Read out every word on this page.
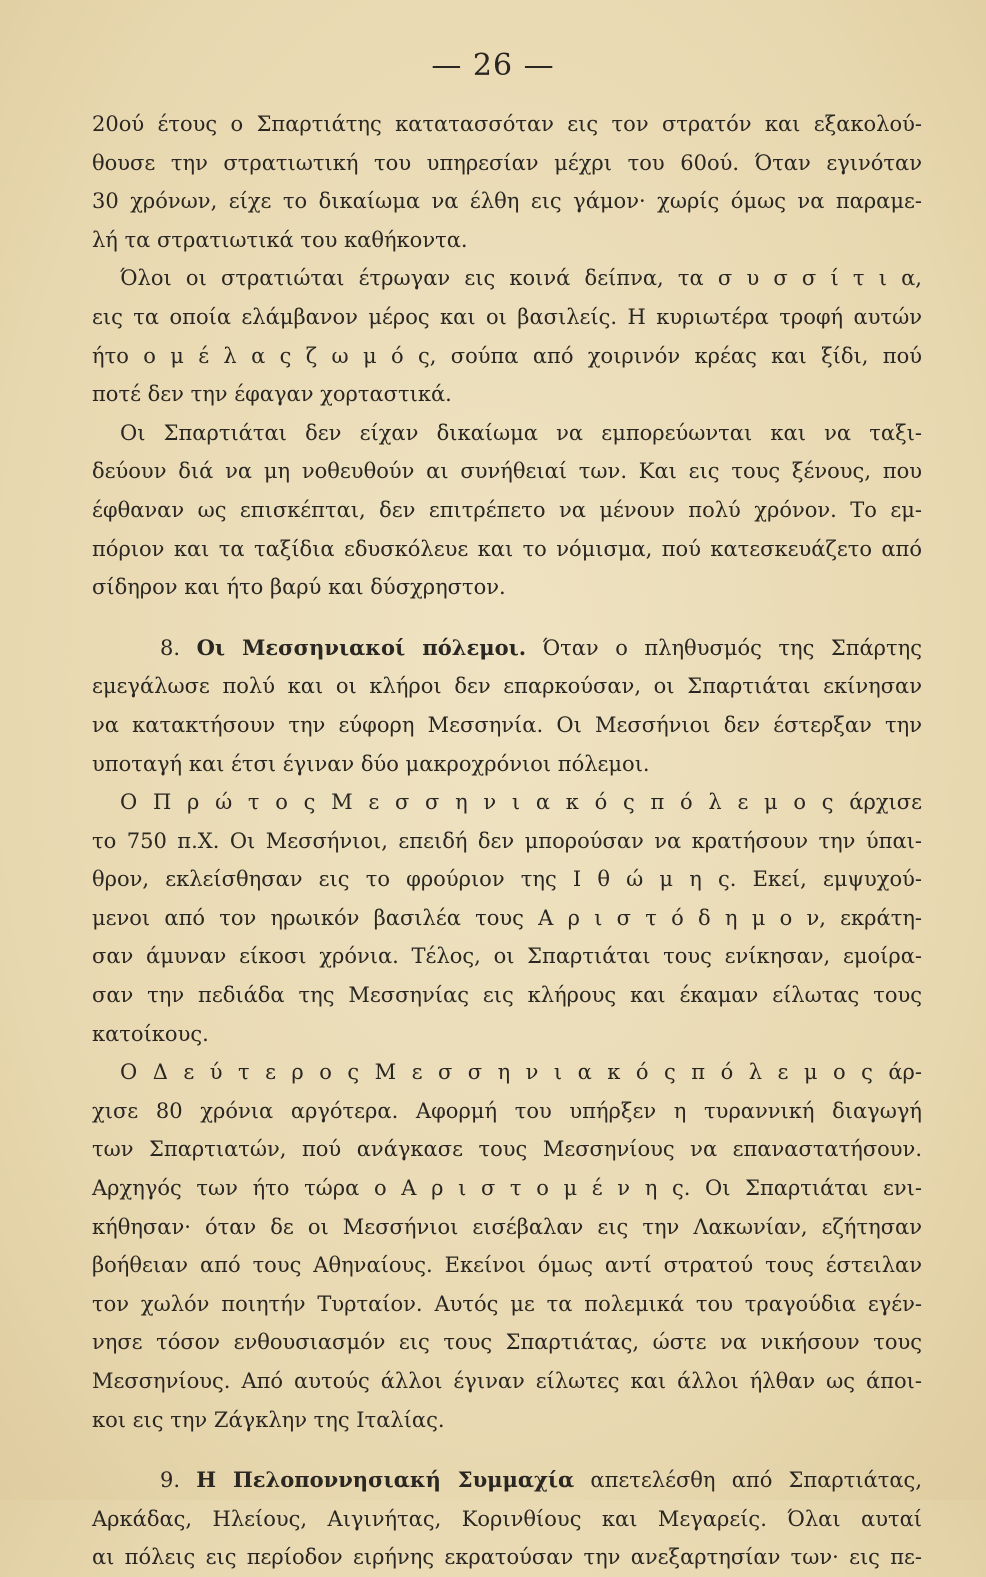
— 26 —
20ού έτους ο Σπαρτιάτης κατατασσόταν εις τον στρατόν και εξακολού-
θουσε την στρατιωτική του υπηρεσίαν μέχρι του 60ού. Όταν εγινόταν
30 χρόνων, είχε το δικαίωμα να έλθη εις γάμον· χωρίς όμως να παραμε-
λή τα στρατιωτικά του καθήκοντα.
Όλοι οι στρατιώται έτρωγαν εις κοινά δείπνα, τα σ υ σ σ ί τ ι α,
εις τα οποία ελάμβανον μέρος και οι βασιλείς. Η κυριωτέρα τροφή αυτών
ήτο ο μ έ λ α ς ζ ω μ ό ς, σούπα από χοιρινόν κρέας και ξίδι, πού
ποτέ δεν την έφαγαν χορταστικά.
Οι Σπαρτιάται δεν είχαν δικαίωμα να εμπορεύωνται και να ταξι-
δεύουν διά να μη νοθευθούν αι συνήθειαί των. Και εις τους ξένους, που
έφθαναν ως επισκέπται, δεν επιτρέπετο να μένουν πολύ χρόνον. Το εμ-
πόριον και τα ταξίδια εδυσκόλευε και το νόμισμα, πού κατεσκευάζετο από
σίδηρον και ήτο βαρύ και δύσχρηστον.
8. Οι Μεσσηνιακοί πόλεμοι. Όταν ο πληθυσμός της Σπάρτης
εμεγάλωσε πολύ και οι κλήροι δεν επαρκούσαν, οι Σπαρτιάται εκίνησαν
να κατακτήσουν την εύφορη Μεσσηνία. Οι Μεσσήνιοι δεν έστερξαν την
υποταγή και έτσι έγιναν δύο μακροχρόνιοι πόλεμοι.
Ο Π ρ ώ τ ο ς Μ ε σ σ η ν ι α κ ό ς π ό λ ε μ ο ς άρχισε
το 750 π.Χ. Οι Μεσσήνιοι, επειδή δεν μπορούσαν να κρατήσουν την ύπαι-
θρον, εκλείσθησαν εις το φρούριον της Ι θ ώ μ η ς. Εκεί, εμψυχού-
μενοι από τον ηρωικόν βασιλέα τους Α ρ ι σ τ ό δ η μ ο ν, εκράτη-
σαν άμυναν είκοσι χρόνια. Τέλος, οι Σπαρτιάται τους ενίκησαν, εμοίρα-
σαν την πεδιάδα της Μεσσηνίας εις κλήρους και έκαμαν είλωτας τους
κατοίκους.
Ο Δ ε ύ τ ε ρ ο ς Μ ε σ σ η ν ι α κ ό ς π ό λ ε μ ο ς άρ-
χισε 80 χρόνια αργότερα. Αφορμή του υπήρξεν η τυραννική διαγωγή
των Σπαρτιατών, πού ανάγκασε τους Μεσσηνίους να επαναστατήσουν.
Αρχηγός των ήτο τώρα ο Α ρ ι σ τ ο μ έ ν η ς. Οι Σπαρτιάται ενι-
κήθησαν· όταν δε οι Μεσσήνιοι εισέβαλαν εις την Λακωνίαν, εζήτησαν
βοήθειαν από τους Αθηναίους. Εκείνοι όμως αντί στρατού τους έστειλαν
τον χωλόν ποιητήν Τυρταίον. Αυτός με τα πολεμικά του τραγούδια εγέν-
νησε τόσον ενθουσιασμόν εις τους Σπαρτιάτας, ώστε να νικήσουν τους
Μεσσηνίους. Από αυτούς άλλοι έγιναν είλωτες και άλλοι ήλθαν ως άποι-
κοι εις την Ζάγκλην της Ιταλίας.
9. Η Πελοποννησιακή Συμμαχία απετελέσθη από Σπαρτιάτας,
Αρκάδας, Ηλείους, Αιγινήτας, Κορινθίους και Μεγαρείς. Όλαι αυταί
αι πόλεις εις περίοδον ειρήνης εκρατούσαν την ανεξαρτησίαν των· εις πε-
